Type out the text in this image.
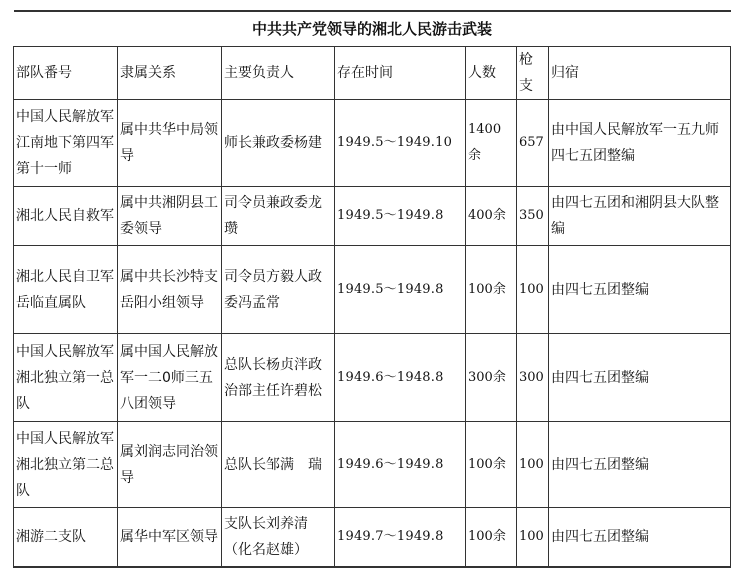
中共共产党领导的湘北人民游击武装						
部队番号	隶属关系	主要负责人	存在时间	人数	枪支	归宿
中国人民解放军江南地下第四军第十一师	属中共华中局领导	师长兼政委杨建	1949.5～1949.10	1400余	657	由中国人民解放军一五九师四七五团整编
湘北人民自救军	属中共湘阴县工委领导	司令员兼政委龙瓒	1949.5～1949.8	400余	350	由四七五团和湘阴县大队整编
湘北人民自卫军岳临直属队	属中共长沙特支岳阳小组领导	司令员方毅人政委冯孟常	1949.5～1949.8	100余	100	由四七五团整编
中国人民解放军湘北独立第一总队	属中国人民解放军一二0师三五八团领导	总队长杨贞泮政治部主任许碧松	1949.6～1948.8	300余	300	由四七五团整编
中国人民解放军湘北独立第二总队	属刘润志同治领导	总队长邹满　瑞	1949.6～1949.8	100余	100	由四七五团整编
湘游二支队	属华中军区领导	支队长刘养清（化名赵雄）	1949.7～1949.8	100余	100	由四七五团整编
